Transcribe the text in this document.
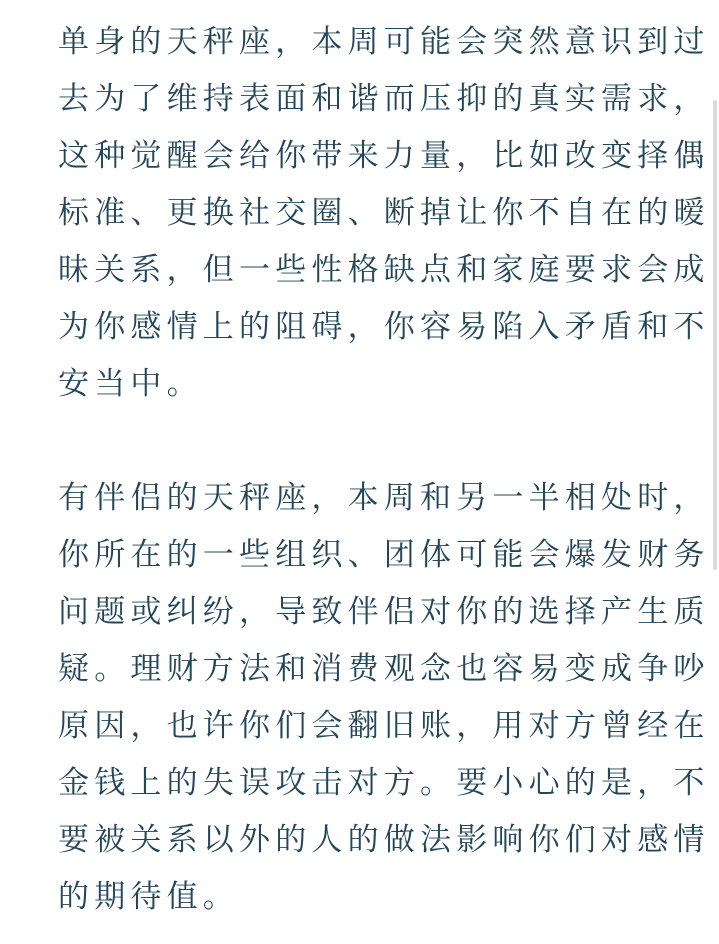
单身的天秤座，本周可能会突然意识到过
去为了维持表面和谐而压抑的真实需求，
这种觉醒会给你带来力量，比如改变择偶
标准、更换社交圈、断掉让你不自在的暧
昧关系，但一些性格缺点和家庭要求会成
为你感情上的阻碍，你容易陷入矛盾和不
安当中。
有伴侣的天秤座，本周和另一半相处时，
你所在的一些组织、团体可能会爆发财务
问题或纠纷，导致伴侣对你的选择产生质
疑。理财方法和消费观念也容易变成争吵
原因，也许你们会翻旧账，用对方曾经在
金钱上的失误攻击对方。要小心的是，不
要被关系以外的人的做法影响你们对感情
的期待值。
